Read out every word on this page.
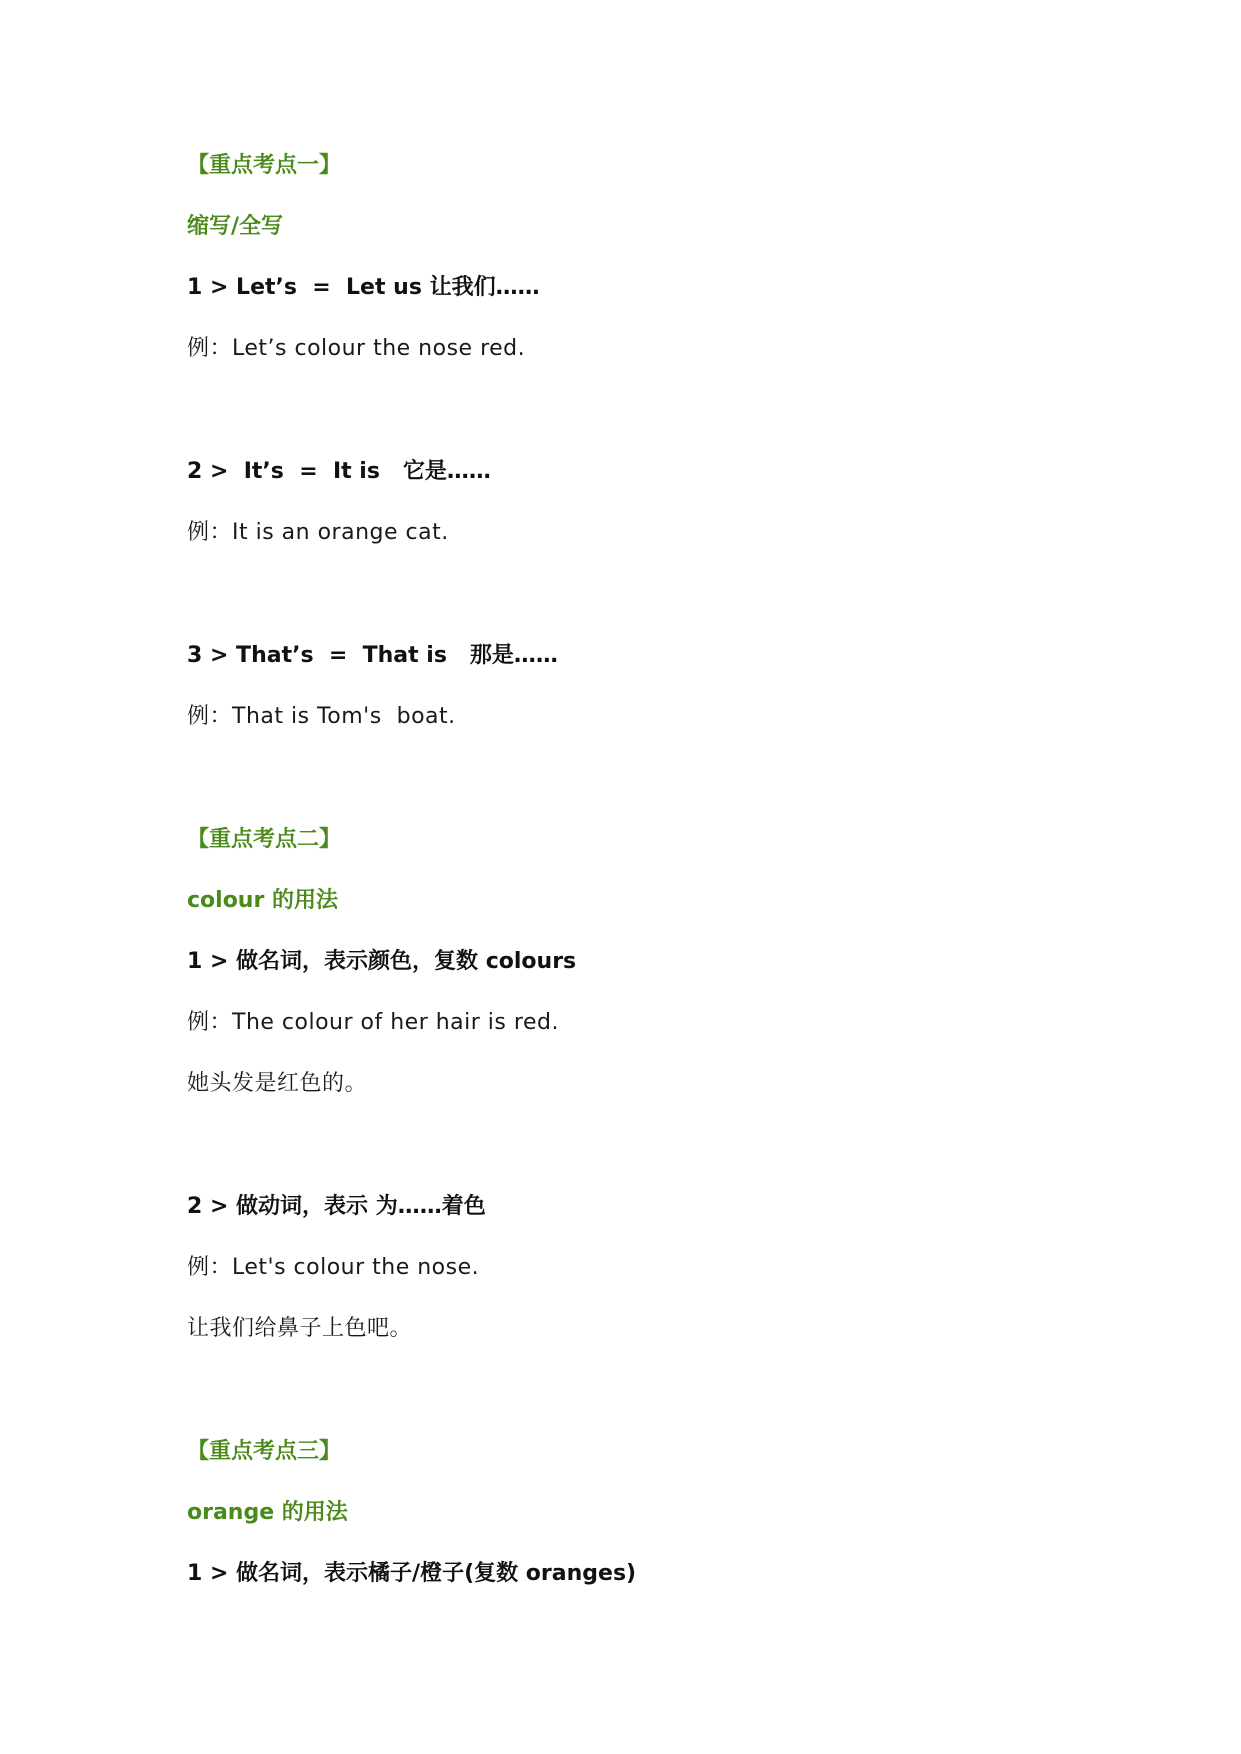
【重点考点一】
缩写/全写
1 > Let’s  =  Let us 让我们……
例：Let’s colour the nose red.
2 >  It’s  =  It is   它是……
例：It is an orange cat.
3 > That’s  =  That is   那是……
例：That is Tom's  boat.
【重点考点二】
colour 的用法
1 > 做名词，表示颜色，复数 colours
例：The colour of her hair is red.
她头发是红色的。
2 > 做动词，表示 为……着色
例：Let's colour the nose.
让我们给鼻子上色吧。
【重点考点三】
orange 的用法
1 > 做名词，表示橘子/橙子(复数 oranges)
